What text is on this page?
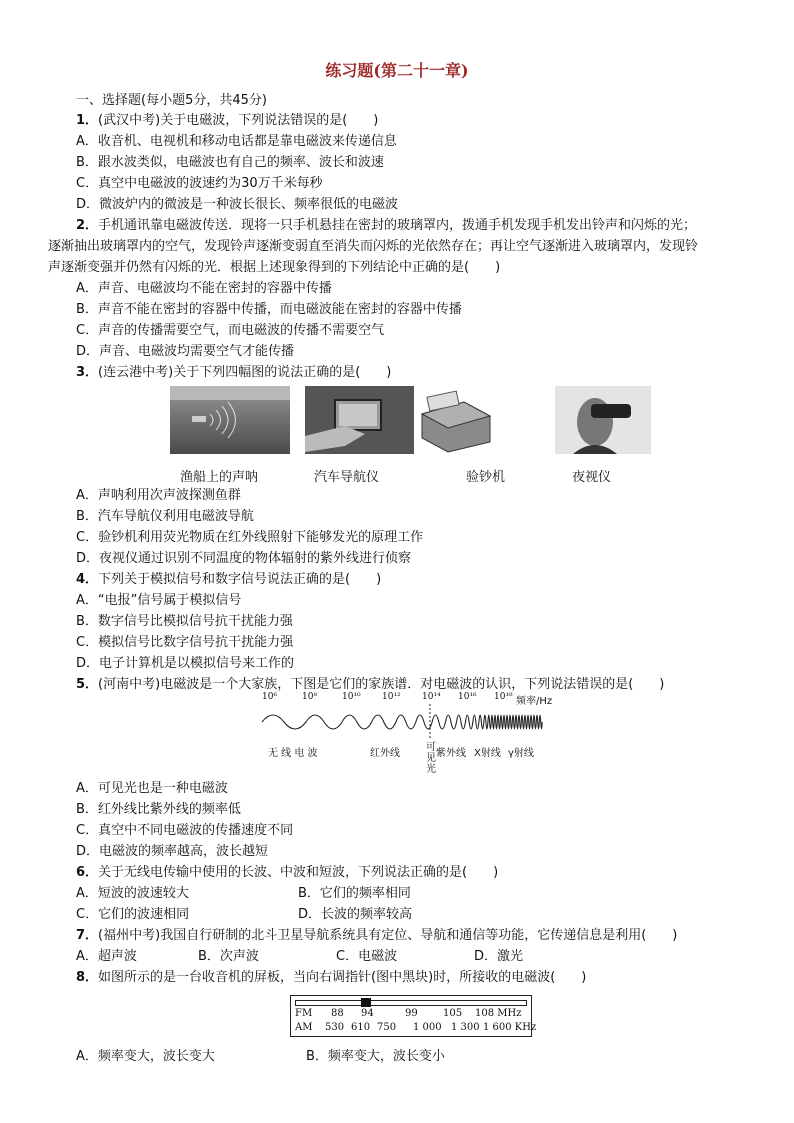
练习题(第二十一章)
一、选择题(每小题5分，共45分)
1．(武汉中考)关于电磁波，下列说法错误的是(　　)
A．收音机、电视机和移动电话都是靠电磁波来传递信息
B．跟水波类似，电磁波也有自己的频率、波长和波速
C．真空中电磁波的波速约为30万千米每秒
D．微波炉内的微波是一种波长很长、频率很低的电磁波
2．手机通讯靠电磁波传送．现将一只手机悬挂在密封的玻璃罩内，拨通手机发现手机发出铃声和闪烁的光；
逐渐抽出玻璃罩内的空气，发现铃声逐渐变弱直至消失而闪烁的光依然存在；再让空气逐渐进入玻璃罩内，发现铃
声逐渐变强并仍然有闪烁的光．根据上述现象得到的下列结论中正确的是(　　)
A．声音、电磁波均不能在密封的容器中传播
B．声音不能在密封的容器中传播，而电磁波能在密封的容器中传播
C．声音的传播需要空气，而电磁波的传播不需要空气
D．声音、电磁波均需要空气才能传播
3．(连云港中考)关于下列四幅图的说法正确的是(　　)
渔船上的声呐	汽车导航仪	验钞机	夜视仪
A．声呐利用次声波探测鱼群
B．汽车导航仪利用电磁波导航
C．验钞机利用荧光物质在红外线照射下能够发光的原理工作
D．夜视仪通过识别不同温度的物体辐射的紫外线进行侦察
4．下列关于模拟信号和数字信号说法正确的是(　　)
A．“电报”信号属于模拟信号
B．数字信号比模拟信号抗干扰能力强
C．模拟信号比数字信号抗干扰能力强
D．电子计算机是以模拟信号来工作的
5．(河南中考)电磁波是一个大家族，下图是它们的家族谱．对电磁波的认识，下列说法错误的是(　　)
10⁶	10⁸	10¹⁰ 10¹² 10¹⁴ 10¹⁶ 10¹⁸ 频率/Hz
无 线 电 波	红外线	紫外线 X射线 γ射线
可
见
光
A．可见光也是一种电磁波
B．红外线比紫外线的频率低
C．真空中不同电磁波的传播速度不同
D．电磁波的频率越高，波长越短
6．关于无线电传输中使用的长波、中波和短波，下列说法正确的是(　　)
A．短波的波速较大	B．它们的频率相同
C．它们的波速相同	D．长波的频率较高
7．(福州中考)我国自行研制的北斗卫星导航系统具有定位、导航和通信等功能，它传递信息是利用(　　)
A．超声波	B．次声波	C．电磁波	D．激光
8．如图所示的是一台收音机的屏板，当向右调指针(图中黑块)时，所接收的电磁波(　　)
FM 88 94	99	105 108 MHz
AM 530 610 750 1 000 1 300 1 600 KHz
A．频率变大，波长变大	B．频率变大，波长变小
